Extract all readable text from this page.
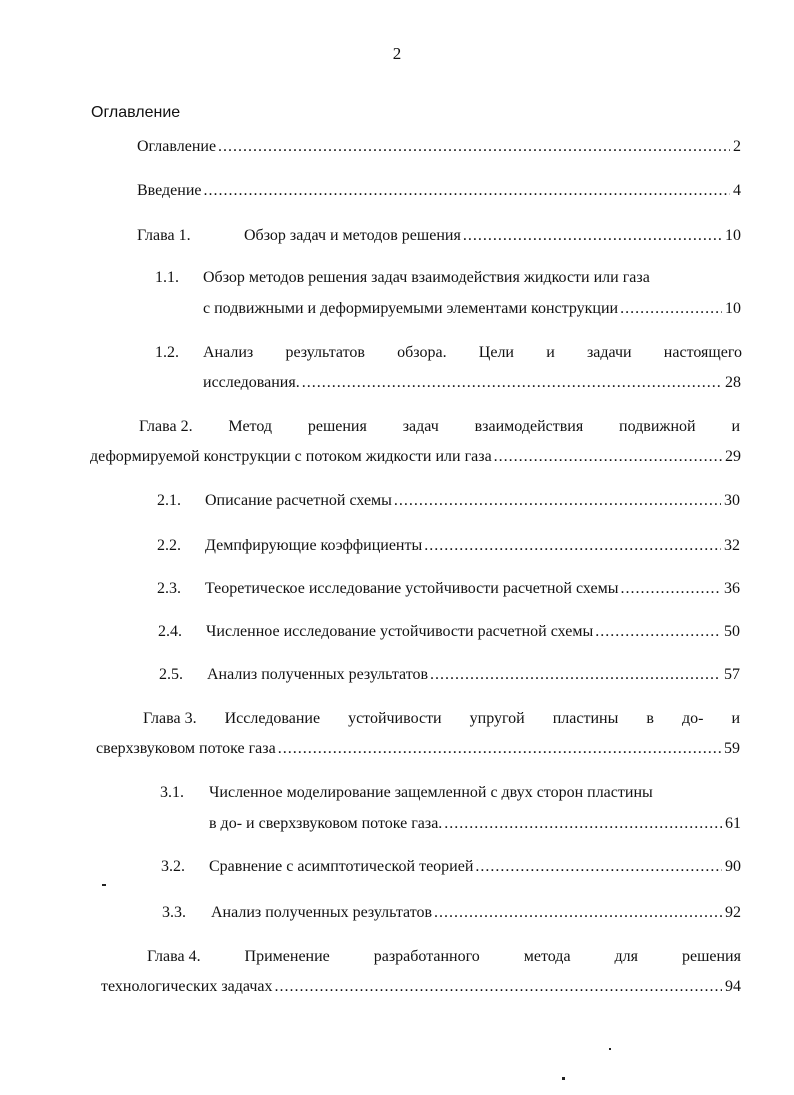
2
Оглавление
Оглавление .....	2
Введение .....	4
Глава 1.	Обзор задач и методов решения .....	10
1.1.	Обзор методов решения задач взаимодействия жидкости или газа
с подвижными и деформируемыми элементами конструкции .....	10
1.2.	Анализ результатов обзора. Цели и задачи настоящего
исследования. .....	28
Глава 2. Метод решения задач взаимодействия подвижной и
деформируемой конструкции с потоком жидкости или газа .....	29
2.1.	Описание расчетной схемы .....	30
2.2.	Демпфирующие коэффициенты .....	32
2.3.	Теоретическое исследование устойчивости расчетной схемы .....	36
2.4.	Численное исследование устойчивости расчетной схемы .....	50
2.5.	Анализ полученных результатов .....	57
Глава 3. Исследование устойчивости упругой пластины в до- и
сверхзвуковом потоке газа .....	59
3.1.	Численное моделирование защемленной с двух сторон пластины
в до- и сверхзвуковом потоке газа. .....	61
3.2.	Сравнение с асимптотической теорией .....	90
3.3.	Анализ полученных результатов .....	92
Глава 4.	Применение	разработанного	метода	для	решения
технологических задачах .....	94
